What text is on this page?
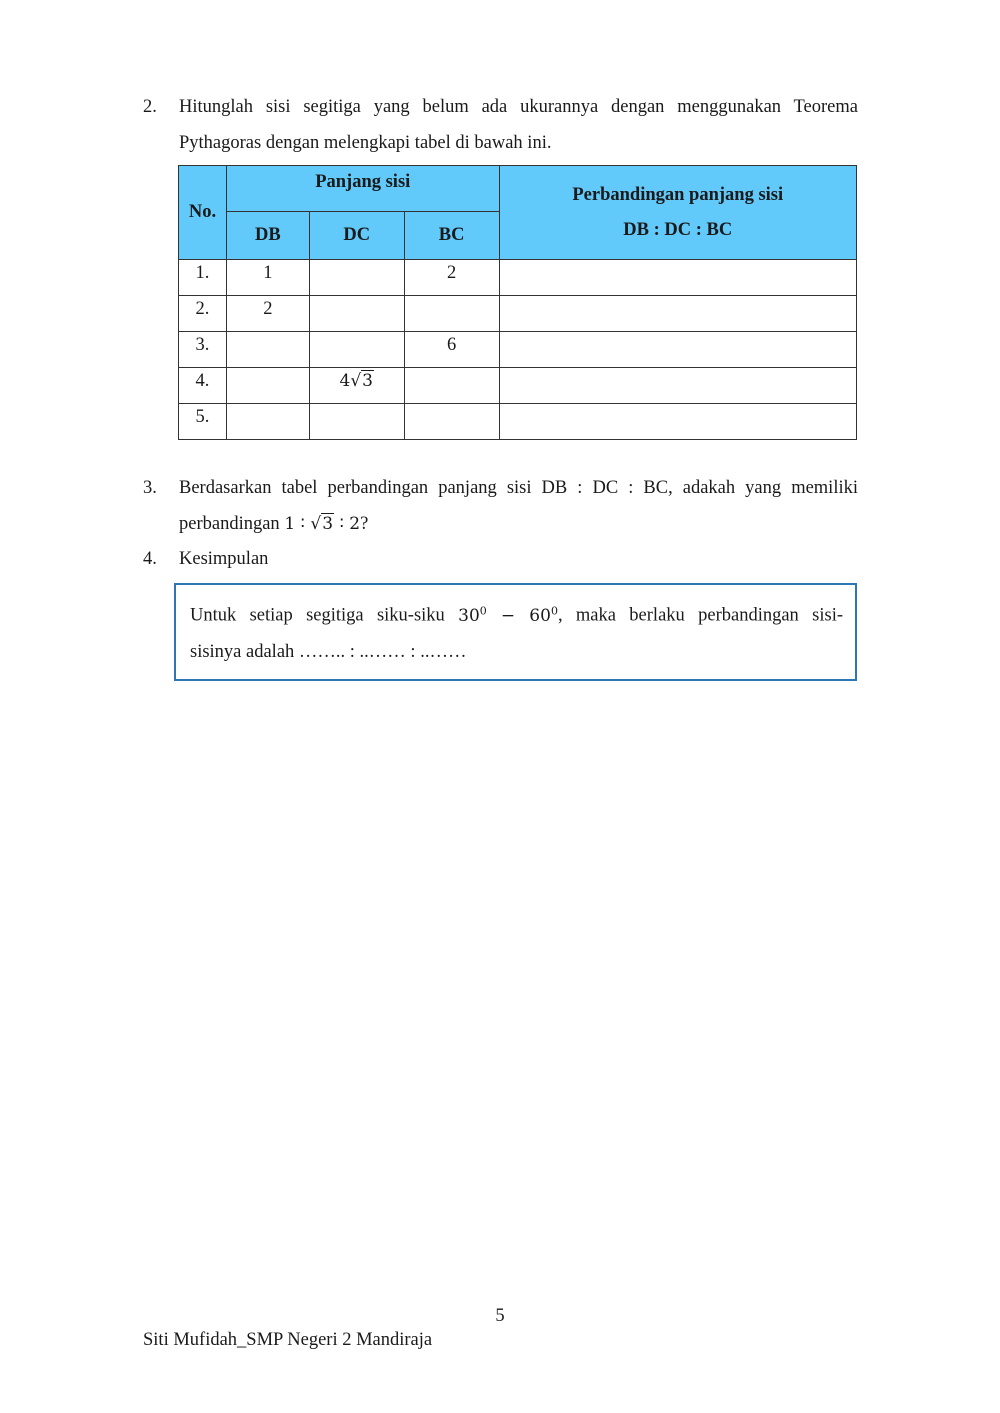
2. Hitunglah sisi segitiga yang belum ada ukurannya dengan menggunakan Teorema
Pythagoras dengan melengkapi tabel di bawah ini.
No.	Panjang sisi			Perbandingan panjang sisi
DB : DC : BC

	DB	DC	BC	
1.	1		2	
2.	2			
3.			6	
4.		4√3		
5.				
3. Berdasarkan tabel perbandingan panjang sisi DB : DC : BC, adakah yang memiliki
perbandingan 1 ∶ √3 ∶ 2?
4. Kesimpulan
Untuk setiap segitiga siku-siku $30^0 - 60^0$, maka berlaku perbandingan sisi-
sisinya adalah …….. : ..…… : ..……
5
Siti Mufidah_SMP Negeri 2 Mandiraja
